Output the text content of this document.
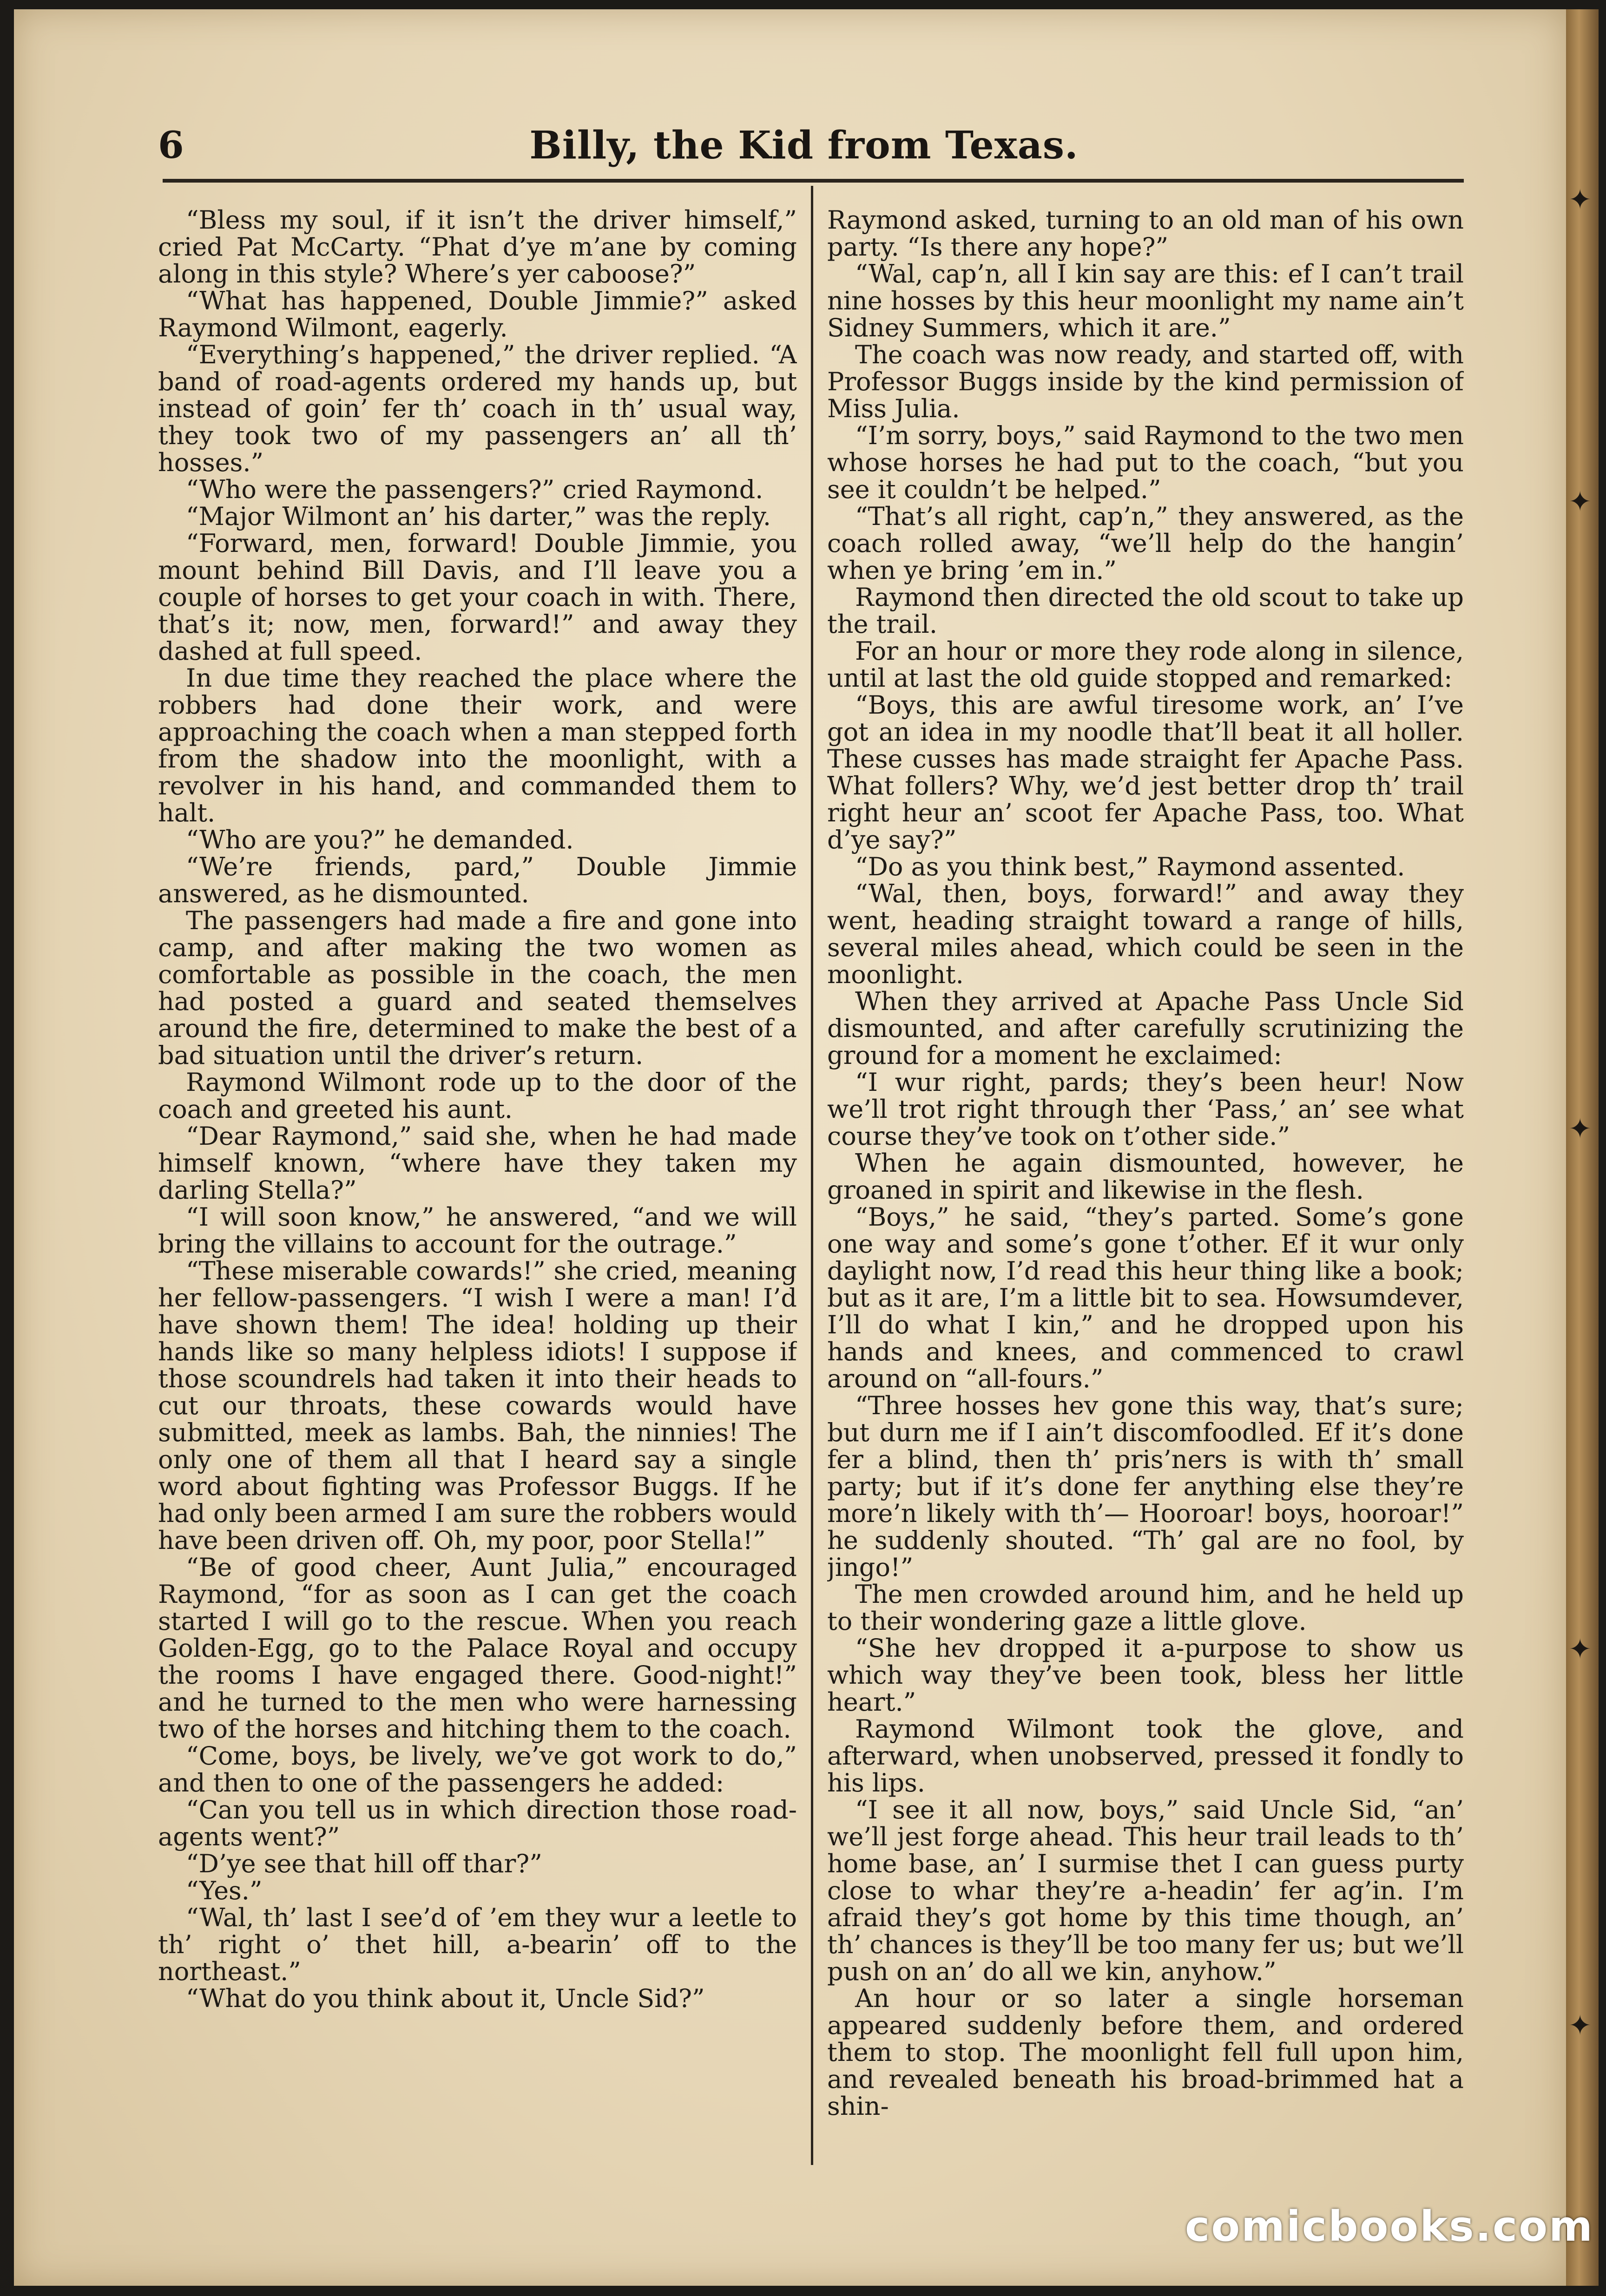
6	Billy, the Kid from Texas.

“Bless my soul, if it isn’t the driver himself,” cried Pat McCarty. “Phat d’ye m’ane by coming along in this style? Where’s yer caboose?”

“What has happened, Double Jimmie?” asked Raymond Wilmont, eagerly.

“Everything’s happened,” the driver replied. “A band of road-agents ordered my hands up, but instead of goin’ fer th’ coach in th’ usual way, they took two of my passengers an’ all th’ hosses.”

“Who were the passengers?” cried Raymond.

“Major Wilmont an’ his darter,” was the reply.

“Forward, men, forward! Double Jimmie, you mount behind Bill Davis, and I’ll leave you a couple of horses to get your coach in with. There, that’s it; now, men, forward!” and away they dashed at full speed.

In due time they reached the place where the robbers had done their work, and were approaching the coach when a man stepped forth from the shadow into the moonlight, with a revolver in his hand, and commanded them to halt.

“Who are you?” he demanded.

“We’re friends, pard,” Double Jimmie answered, as he dismounted.

The passengers had made a fire and gone into camp, and after making the two women as comfortable as possible in the coach, the men had posted a guard and seated themselves around the fire, determined to make the best of a bad situation until the driver’s return.

Raymond Wilmont rode up to the door of the coach and greeted his aunt.

“Dear Raymond,” said she, when he had made himself known, “where have they taken my darling Stella?”

“I will soon know,” he answered, “and we will bring the villains to account for the outrage.”

“These miserable cowards!” she cried, meaning her fellow-passengers. “I wish I were a man! I’d have shown them! The idea! holding up their hands like so many helpless idiots! I suppose if those scoundrels had taken it into their heads to cut our throats, these cowards would have submitted, meek as lambs. Bah, the ninnies! The only one of them all that I heard say a single word about fighting was Professor Buggs. If he had only been armed I am sure the robbers would have been driven off. Oh, my poor, poor Stella!”

“Be of good cheer, Aunt Julia,” encouraged Raymond, “for as soon as I can get the coach started I will go to the rescue. When you reach Golden-Egg, go to the Palace Royal and occupy the rooms I have engaged there. Good-night!” and he turned to the men who were harnessing two of the horses and hitching them to the coach.

“Come, boys, be lively, we’ve got work to do,” and then to one of the passengers he added:

“Can you tell us in which direction those road-agents went?”

“D’ye see that hill off thar?”

“Yes.”

“Wal, th’ last I see’d of ’em they wur a leetle to th’ right o’ thet hill, a-bearin’ off to the northeast.”

“What do you think about it, Uncle Sid?”

Raymond asked, turning to an old man of his own party. “Is there any hope?”

“Wal, cap’n, all I kin say are this: ef I can’t trail nine hosses by this heur moonlight my name ain’t Sidney Summers, which it are.”

The coach was now ready, and started off, with Professor Buggs inside by the kind permission of Miss Julia.

“I’m sorry, boys,” said Raymond to the two men whose horses he had put to the coach, “but you see it couldn’t be helped.”

“That’s all right, cap’n,” they answered, as the coach rolled away, “we’ll help do the hangin’ when ye bring ’em in.”

Raymond then directed the old scout to take up the trail.

For an hour or more they rode along in silence, until at last the old guide stopped and remarked:

“Boys, this are awful tiresome work, an’ I’ve got an idea in my noodle that’ll beat it all holler. These cusses has made straight fer Apache Pass. What follers? Why, we’d jest better drop th’ trail right heur an’ scoot fer Apache Pass, too. What d’ye say?”

“Do as you think best,” Raymond assented.

“Wal, then, boys, forward!” and away they went, heading straight toward a range of hills, several miles ahead, which could be seen in the moonlight.

When they arrived at Apache Pass Uncle Sid dismounted, and after carefully scrutinizing the ground for a moment he exclaimed:

“I wur right, pards; they’s been heur! Now we’ll trot right through ther ‘Pass,’ an’ see what course they’ve took on t’other side.”

When he again dismounted, however, he groaned in spirit and likewise in the flesh.

“Boys,” he said, “they’s parted. Some’s gone one way and some’s gone t’other. Ef it wur only daylight now, I’d read this heur thing like a book; but as it are, I’m a little bit to sea. Howsumdever, I’ll do what I kin,” and he dropped upon his hands and knees, and commenced to crawl around on “all-fours.”

“Three hosses hev gone this way, that’s sure; but durn me if I ain’t discomfoodled. Ef it’s done fer a blind, then th’ pris’ners is with th’ small party; but if it’s done fer anything else they’re more’n likely with th’— Hooroar! boys, hooroar!” he suddenly shouted. “Th’ gal are no fool, by jingo!”

The men crowded around him, and he held up to their wondering gaze a little glove.

“She hev dropped it a-purpose to show us which way they’ve been took, bless her little heart.”

Raymond Wilmont took the glove, and afterward, when unobserved, pressed it fondly to his lips.

“I see it all now, boys,” said Uncle Sid, “an’ we’ll jest forge ahead. This heur trail leads to th’ home base, an’ I surmise thet I can guess purty close to whar they’re a-headin’ fer ag’in. I’m afraid they’s got home by this time though, an’ th’ chances is they’ll be too many fer us; but we’ll push on an’ do all we kin, anyhow.”

An hour or so later a single horseman appeared suddenly before them, and ordered them to stop. The moonlight fell full upon him, and revealed beneath his broad-brimmed hat a shin-

✦
✦
✦
✦
✦
comicbooks.com
